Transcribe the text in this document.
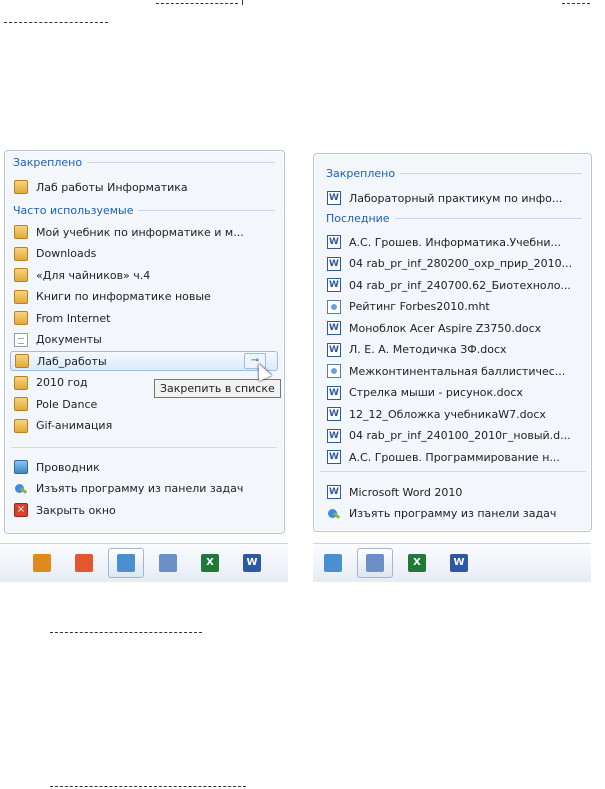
Закреплено
Лаб работы Информатика
Часто используемые
Мой учебник по информатике и м...
Downloads
«Для чайников» ч.4
Книги по информатике новые
From Internet
Документы
Лаб_работы
2010 год
Pole Dance
Gif-анимация
Проводник
Изъять программу из панели задач
× Закрыть окно
⊸
Закрепить в списке
X	W
Закреплено
W Лабораторный практикум по инфо...
Последние
W А.С. Грошев. Информатика.Учебни...
W 04 rab_pr_inf_280200_охр_прир_2010...
W 04 rab_pr_inf_240700.62_Биотехноло...
Рейтинг Forbes2010.mht
W Моноблок Acer Aspire Z3750.docx
W Л. Е. А. Методичка ЗФ.docx
Межконтинентальная баллистичес...
W Стрелка мыши - рисунок.docx
W 12_12_Обложка учебникаW7.docx
W 04 rab_pr_inf_240100_2010г_новый.d...
W А.С. Грошев. Программирование н...
W Microsoft Word 2010
Изъять программу из панели задач
X	W
